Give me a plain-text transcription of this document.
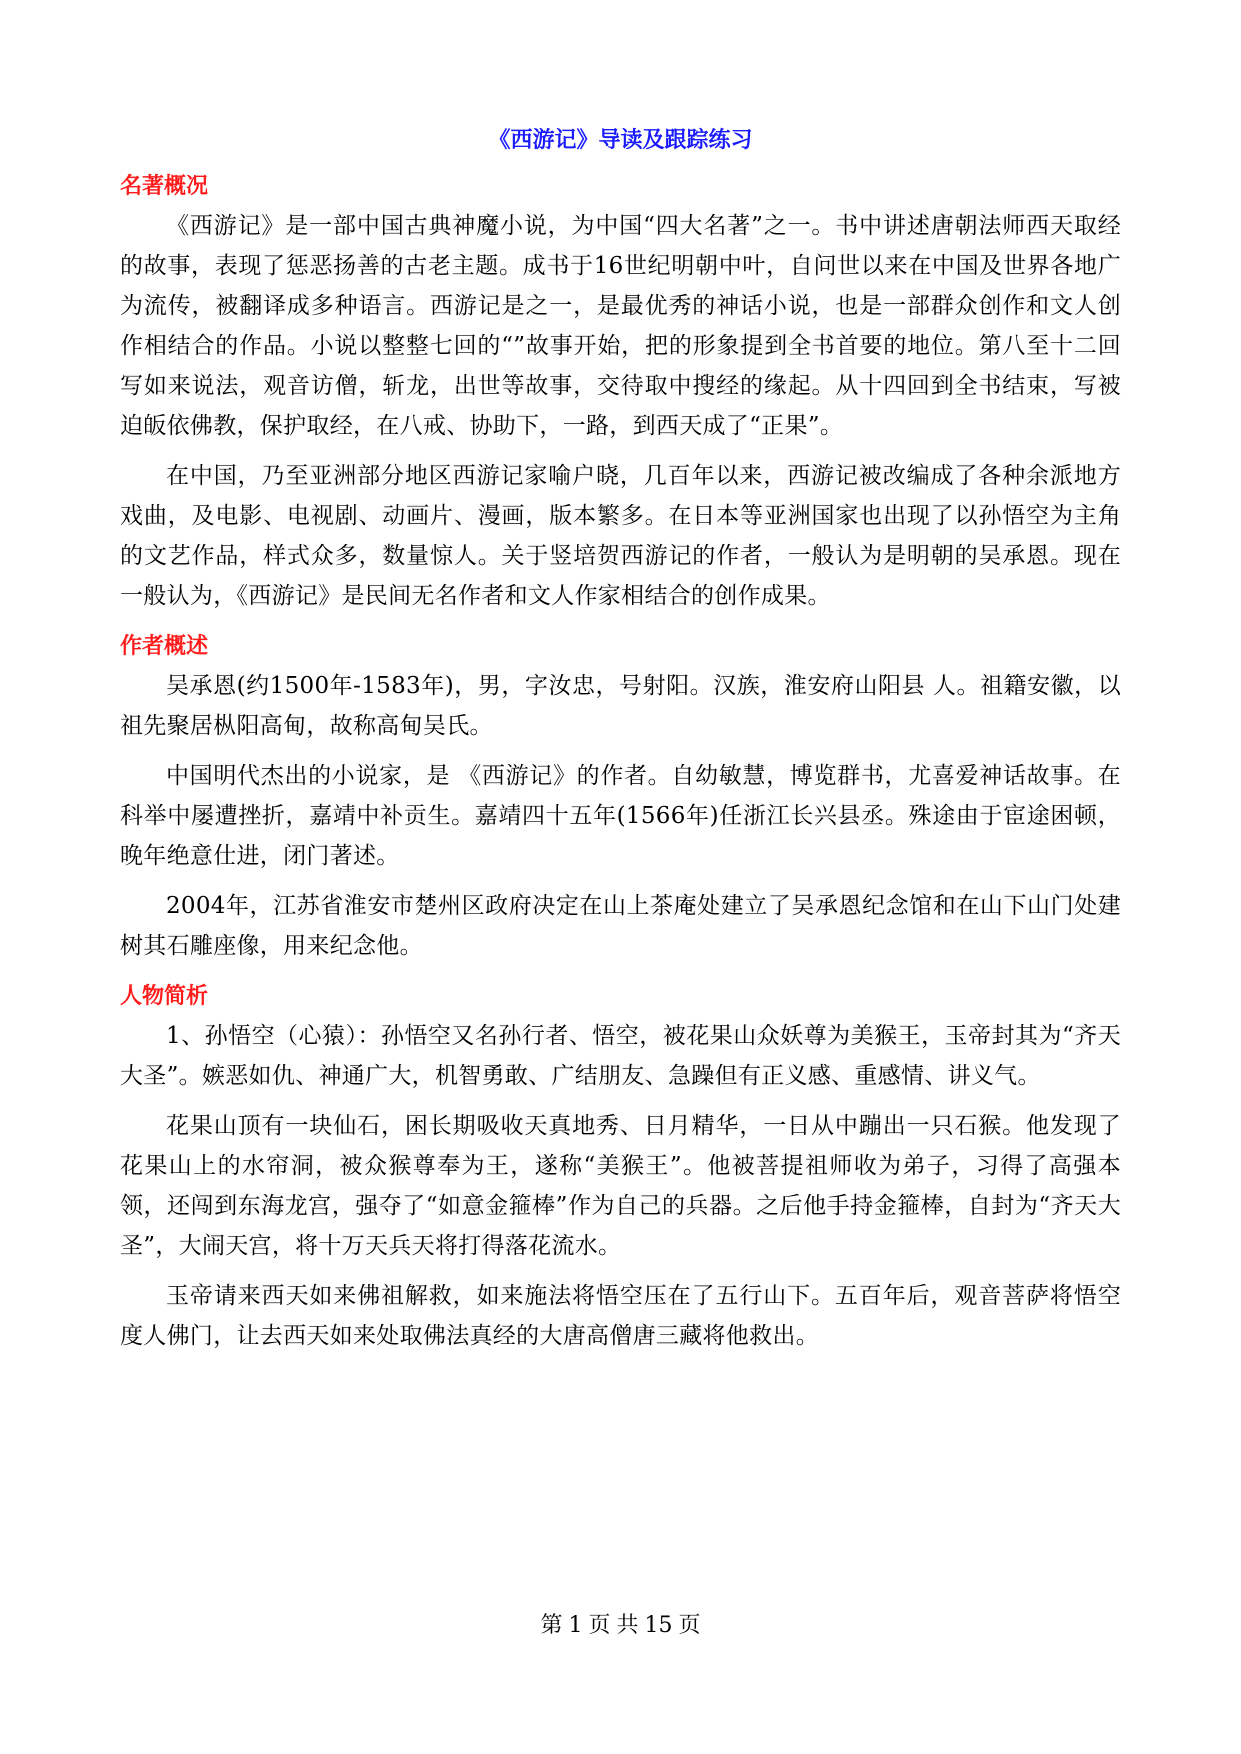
《西游记》导读及跟踪练习
名著概况

《西游记》是一部中国古典神魔小说，为中国“四大名著”之一。书中讲述唐朝法师西天取经的故事，表现了惩恶扬善的古老主题。成书于16世纪明朝中叶，自问世以来在中国及世界各地广为流传，被翻译成多种语言。西游记是之一，是最优秀的神话小说，也是一部群众创作和文人创作相结合的作品。小说以整整七回的“”故事开始，把的形象提到全书首要的地位。第八至十二回写如来说法，观音访僧，斩龙，出世等故事，交待取中搜经的缘起。从十四回到全书结束，写被迫皈依佛教，保护取经，在八戒、协助下，一路，到西天成了“正果”。

在中国，乃至亚洲部分地区西游记家喻户晓，几百年以来，西游记被改编成了各种余派地方戏曲，及电影、电视剧、动画片、漫画，版本繁多。在日本等亚洲国家也出现了以孙悟空为主角的文艺作品，样式众多，数量惊人。关于竖培贺西游记的作者，一般认为是明朝的吴承恩。现在一般认为，《西游记》是民间无名作者和文人作家相结合的创作成果。

作者概述

吴承恩(约1500年-1583年)，男，字汝忠，号射阳。汉族，淮安府山阳县 人。祖籍安徽，以祖先聚居枞阳高甸，故称高甸吴氏。

中国明代杰出的小说家，是 《西游记》的作者。自幼敏慧，博览群书，尤喜爱神话故事。在科举中屡遭挫折，嘉靖中补贡生。嘉靖四十五年(1566年)任浙江长兴县丞。殊途由于宦途困顿，晚年绝意仕进，闭门著述。

2004年，江苏省淮安市楚州区政府决定在山上茶庵处建立了吴承恩纪念馆和在山下山门处建树其石雕座像，用来纪念他。

人物简析

1、孙悟空（心猿）：孙悟空又名孙行者、悟空，被花果山众妖尊为美猴王，玉帝封其为“齐天大圣”。嫉恶如仇、神通广大，机智勇敢、广结朋友、急躁但有正义感、重感情、讲义气。

花果山顶有一块仙石，困长期吸收天真地秀、日月精华，一日从中蹦出一只石猴。他发现了花果山上的水帘洞，被众猴尊奉为王，遂称“美猴王”。他被菩提祖师收为弟子，习得了高强本领，还闯到东海龙宫，强夺了“如意金箍棒”作为自己的兵器。之后他手持金箍棒，自封为“齐天大圣”，大闹天宫，将十万天兵天将打得落花流水。

玉帝请来西天如来佛祖解救，如来施法将悟空压在了五行山下。五百年后，观音菩萨将悟空度人佛门，让去西天如来处取佛法真经的大唐高僧唐三藏将他救出。

第 1 页 共 15 页
